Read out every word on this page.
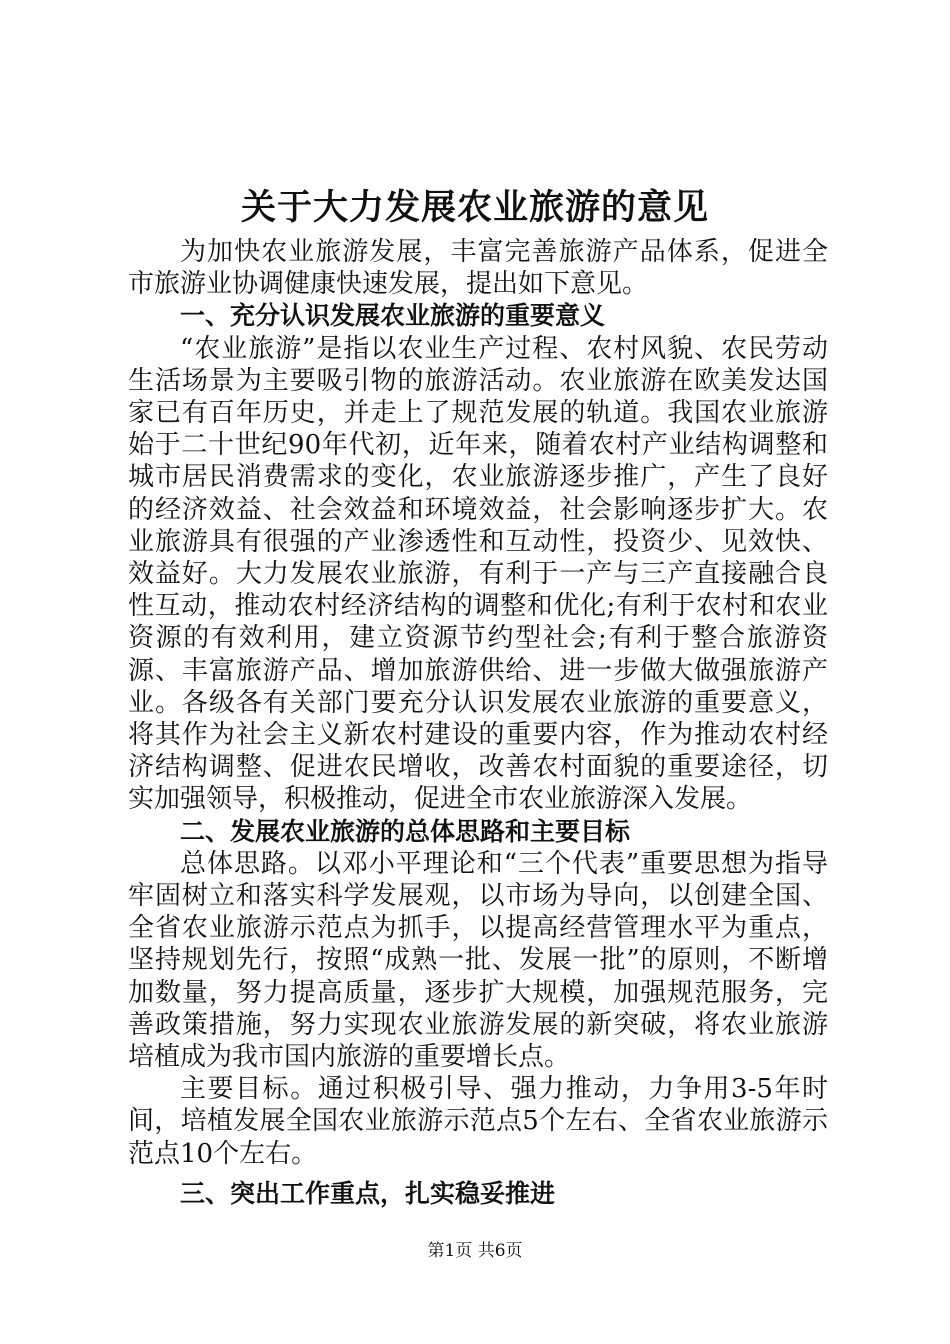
关于大力发展农业旅游的意见

为加快农业旅游发展，丰富完善旅游产品体系，促进全市旅游业协调健康快速发展，提出如下意见。

一、充分认识发展农业旅游的重要意义

“农业旅游”是指以农业生产过程、农村风貌、农民劳动生活场景为主要吸引物的旅游活动。农业旅游在欧美发达国家已有百年历史，并走上了规范发展的轨道。我国农业旅游始于二十世纪90年代初，近年来，随着农村产业结构调整和城市居民消费需求的变化，农业旅游逐步推广，产生了良好的经济效益、社会效益和环境效益，社会影响逐步扩大。农业旅游具有很强的产业渗透性和互动性，投资少、见效快、效益好。大力发展农业旅游，有利于一产与三产直接融合良性互动，推动农村经济结构的调整和优化;有利于农村和农业资源的有效利用，建立资源节约型社会;有利于整合旅游资源、丰富旅游产品、增加旅游供给、进一步做大做强旅游产业。各级各有关部门要充分认识发展农业旅游的重要意义，将其作为社会主义新农村建设的重要内容，作为推动农村经济结构调整、促进农民增收，改善农村面貌的重要途径，切实加强领导，积极推动，促进全市农业旅游深入发展。

二、发展农业旅游的总体思路和主要目标

总体思路。以邓小平理论和“三个代表”重要思想为指导牢固树立和落实科学发展观，以市场为导向，以创建全国、全省农业旅游示范点为抓手，以提高经营管理水平为重点，坚持规划先行，按照“成熟一批、发展一批”的原则，不断增加数量，努力提高质量，逐步扩大规模，加强规范服务，完善政策措施，努力实现农业旅游发展的新突破，将农业旅游培植成为我市国内旅游的重要增长点。

主要目标。通过积极引导、强力推动，力争用3-5年时间，培植发展全国农业旅游示范点5个左右、全省农业旅游示范点10个左右。

三、突出工作重点，扎实稳妥推进

第1页 共6页
